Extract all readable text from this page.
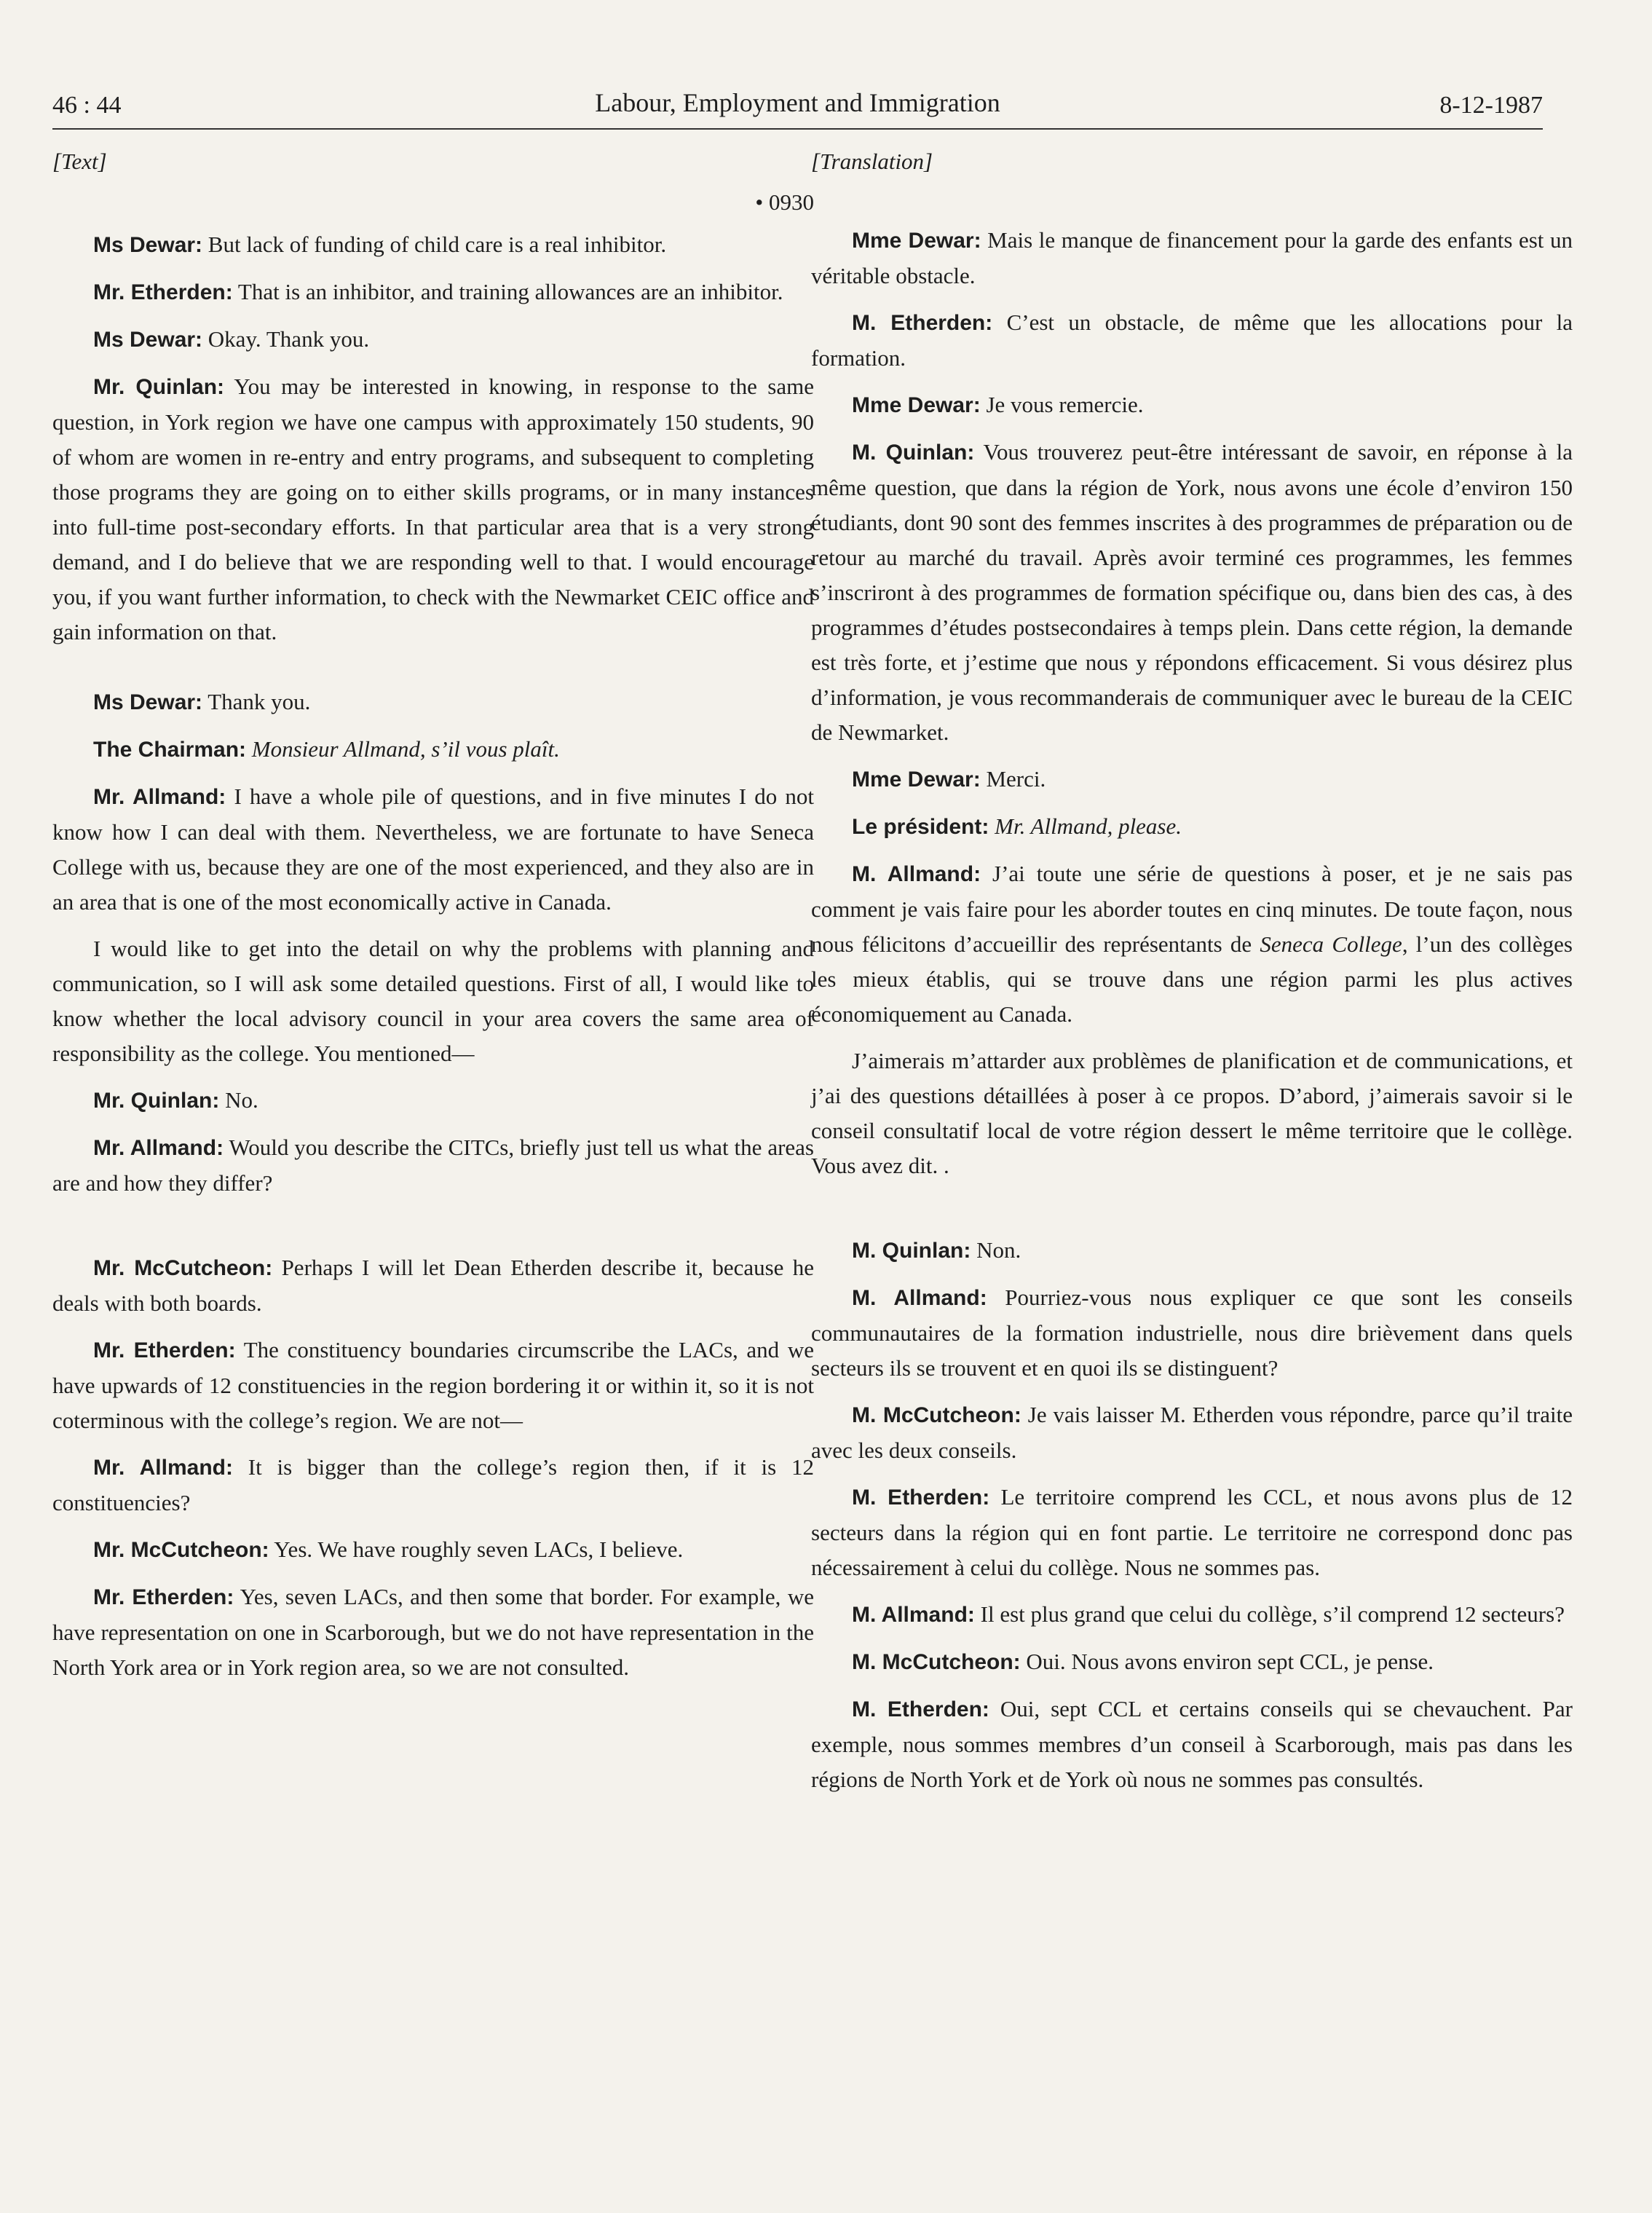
46 : 44	Labour, Employment and Immigration	8-12-1987
[Text]
• 0930

Ms Dewar: But lack of funding of child care is a real inhibitor.

Mr. Etherden: That is an inhibitor, and training allowances are an inhibitor.

Ms Dewar: Okay. Thank you.

Mr. Quinlan: You may be interested in knowing, in response to the same question, in York region we have one campus with approximately 150 students, 90 of whom are women in re-entry and entry programs, and subsequent to completing those programs they are going on to either skills programs, or in many instances into full-time post-secondary efforts. In that particular area that is a very strong demand, and I do believe that we are responding well to that. I would encourage you, if you want further information, to check with the Newmarket CEIC office and gain information on that.

Ms Dewar: Thank you.

The Chairman: Monsieur Allmand, s’il vous plaît.

Mr. Allmand: I have a whole pile of questions, and in five minutes I do not know how I can deal with them. Nevertheless, we are fortunate to have Seneca College with us, because they are one of the most experienced, and they also are in an area that is one of the most economically active in Canada.

I would like to get into the detail on why the problems with planning and communication, so I will ask some detailed questions. First of all, I would like to know whether the local advisory council in your area covers the same area of responsibility as the college. You mentioned—

Mr. Quinlan: No.

Mr. Allmand: Would you describe the CITCs, briefly just tell us what the areas are and how they differ?

Mr. McCutcheon: Perhaps I will let Dean Etherden describe it, because he deals with both boards.

Mr. Etherden: The constituency boundaries circumscribe the LACs, and we have upwards of 12 constituencies in the region bordering it or within it, so it is not coterminous with the college’s region. We are not—

Mr. Allmand: It is bigger than the college’s region then, if it is 12 constituencies?

Mr. McCutcheon: Yes. We have roughly seven LACs, I believe.

Mr. Etherden: Yes, seven LACs, and then some that border. For example, we have representation on one in Scarborough, but we do not have representation in the North York area or in York region area, so we are not consulted.

[Translation]

Mme Dewar: Mais le manque de financement pour la garde des enfants est un véritable obstacle.

M. Etherden: C’est un obstacle, de même que les allocations pour la formation.

Mme Dewar: Je vous remercie.

M. Quinlan: Vous trouverez peut-être intéressant de savoir, en réponse à la même question, que dans la région de York, nous avons une école d’environ 150 étudiants, dont 90 sont des femmes inscrites à des programmes de préparation ou de retour au marché du travail. Après avoir terminé ces programmes, les femmes s’inscriront à des programmes de formation spécifique ou, dans bien des cas, à des programmes d’études postsecondaires à temps plein. Dans cette région, la demande est très forte, et j’estime que nous y répondons efficacement. Si vous désirez plus d’information, je vous recommanderais de communiquer avec le bureau de la CEIC de Newmarket.

Mme Dewar: Merci.

Le président: Mr. Allmand, please.

M. Allmand: J’ai toute une série de questions à poser, et je ne sais pas comment je vais faire pour les aborder toutes en cinq minutes. De toute façon, nous nous félicitons d’accueillir des représentants de Seneca College, l’un des collèges les mieux établis, qui se trouve dans une région parmi les plus actives économiquement au Canada.

J’aimerais m’attarder aux problèmes de planification et de communications, et j’ai des questions détaillées à poser à ce propos. D’abord, j’aimerais savoir si le conseil consultatif local de votre région dessert le même territoire que le collège. Vous avez dit. .

M. Quinlan: Non.

M. Allmand: Pourriez-vous nous expliquer ce que sont les conseils communautaires de la formation industrielle, nous dire brièvement dans quels secteurs ils se trouvent et en quoi ils se distinguent?

M. McCutcheon: Je vais laisser M. Etherden vous répondre, parce qu’il traite avec les deux conseils.

M. Etherden: Le territoire comprend les CCL, et nous avons plus de 12 secteurs dans la région qui en font partie. Le territoire ne correspond donc pas nécessairement à celui du collège. Nous ne sommes pas.

M. Allmand: Il est plus grand que celui du collège, s’il comprend 12 secteurs?

M. McCutcheon: Oui. Nous avons environ sept CCL, je pense.

M. Etherden: Oui, sept CCL et certains conseils qui se chevauchent. Par exemple, nous sommes membres d’un conseil à Scarborough, mais pas dans les régions de North York et de York où nous ne sommes pas consultés.
